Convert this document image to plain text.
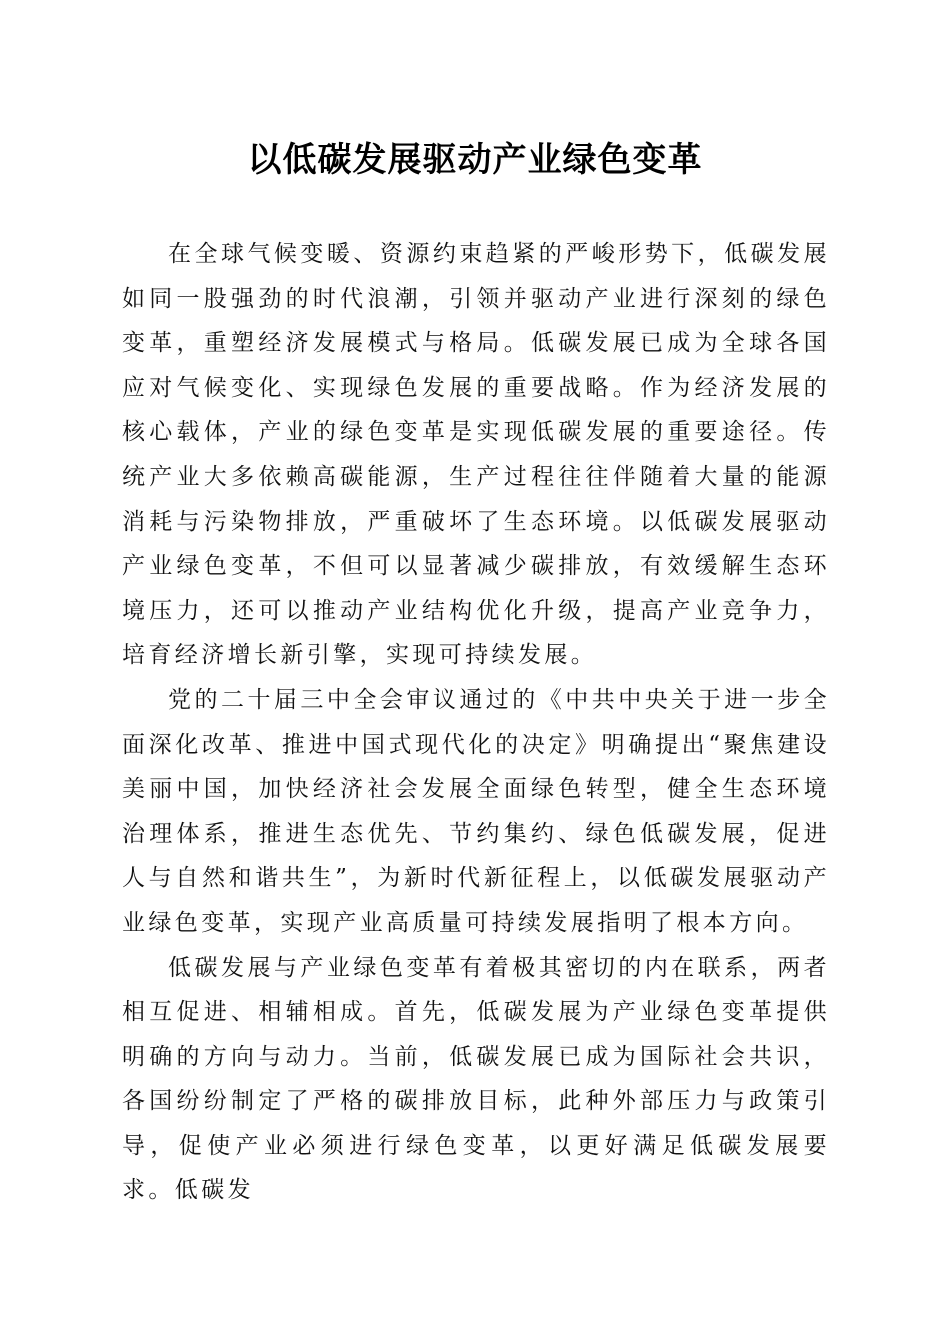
以低碳发展驱动产业绿色变革

在全球气候变暖、资源约束趋紧的严峻形势下，低碳发展如同一股强劲的时代浪潮，引领并驱动产业进行深刻的绿色变革，重塑经济发展模式与格局。低碳发展已成为全球各国应对气候变化、实现绿色发展的重要战略。作为经济发展的核心载体，产业的绿色变革是实现低碳发展的重要途径。传统产业大多依赖高碳能源，生产过程往往伴随着大量的能源消耗与污染物排放，严重破坏了生态环境。以低碳发展驱动产业绿色变革，不但可以显著减少碳排放，有效缓解生态环境压力，还可以推动产业结构优化升级，提高产业竞争力，培育经济增长新引擎，实现可持续发展。

党的二十届三中全会审议通过的《中共中央关于进一步全面深化改革、推进中国式现代化的决定》明确提出“聚焦建设美丽中国，加快经济社会发展全面绿色转型，健全生态环境治理体系，推进生态优先、节约集约、绿色低碳发展，促进人与自然和谐共生”，为新时代新征程上，以低碳发展驱动产业绿色变革，实现产业高质量可持续发展指明了根本方向。

低碳发展与产业绿色变革有着极其密切的内在联系，两者相互促进、相辅相成。首先，低碳发展为产业绿色变革提供明确的方向与动力。当前，低碳发展已成为国际社会共识，各国纷纷制定了严格的碳排放目标，此种外部压力与政策引导，促使产业必须进行绿色变革，以更好满足低碳发展要求。低碳发
